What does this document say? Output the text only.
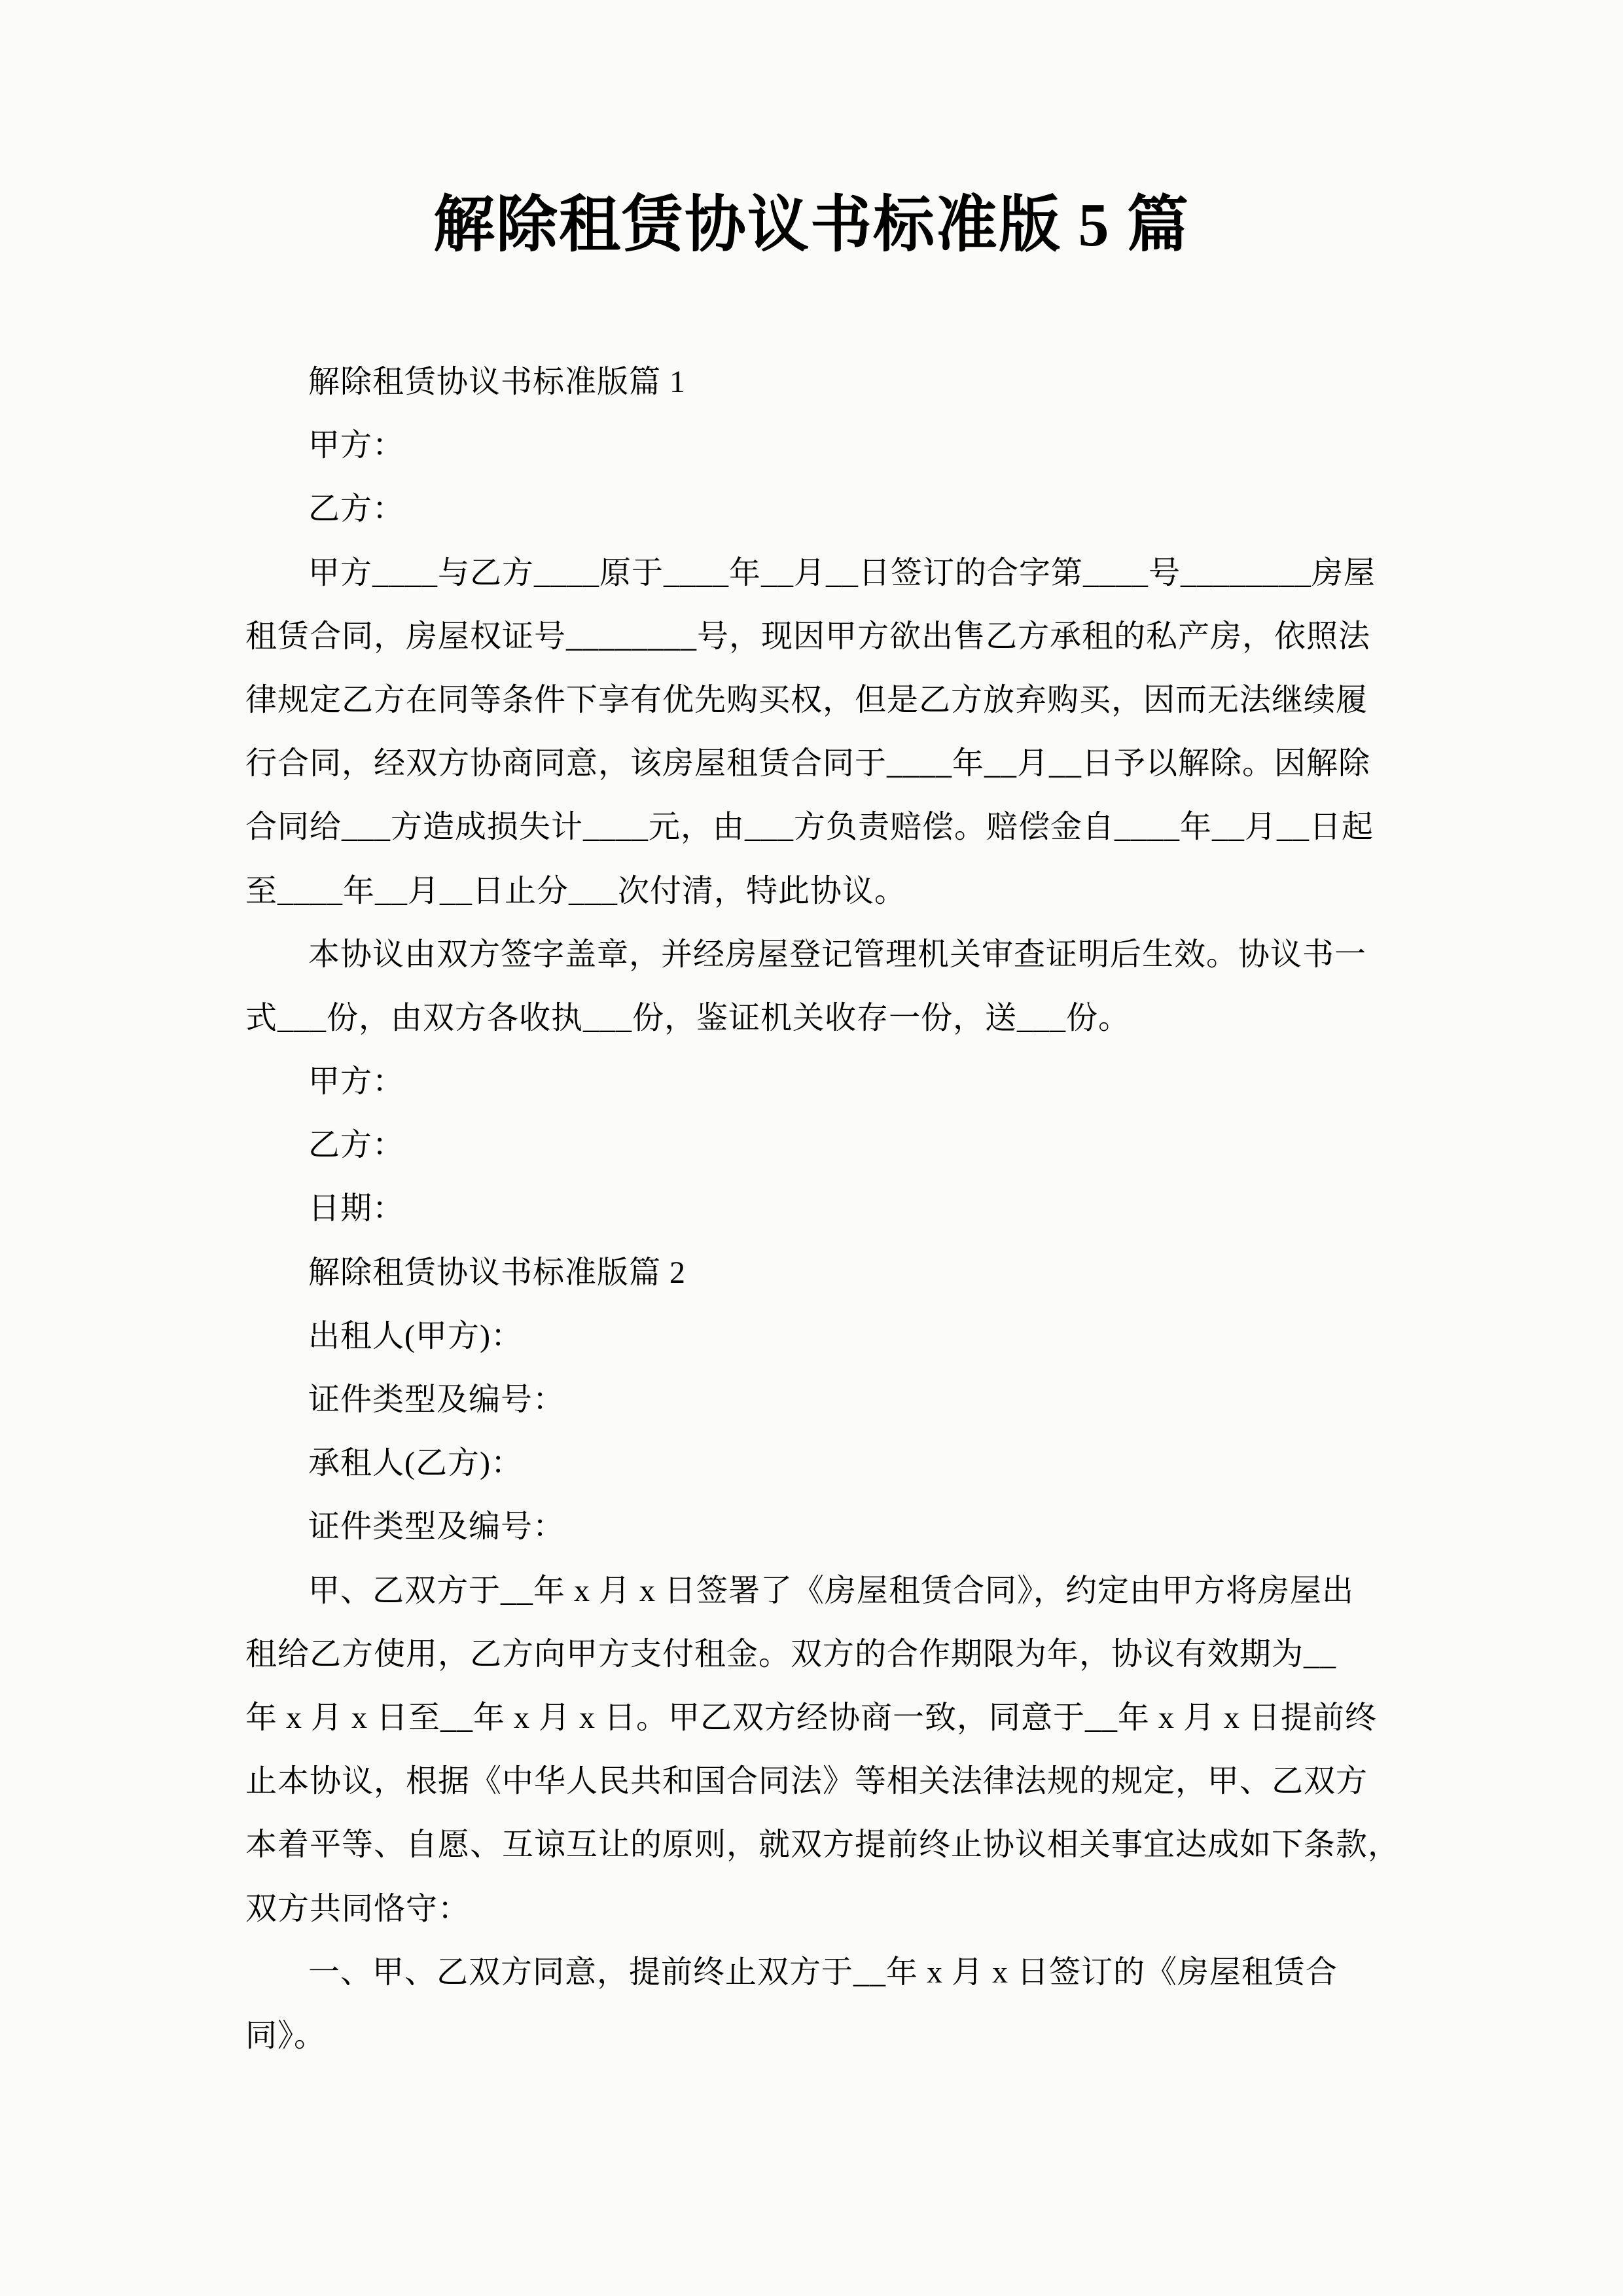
解除租赁协议书标准版 5 篇
解除租赁协议书标准版篇 1
甲方：
乙方：
甲方____与乙方____原于____年__月__日签订的合字第____号________房屋
租赁合同，房屋权证号________号，现因甲方欲出售乙方承租的私产房，依照法
律规定乙方在同等条件下享有优先购买权，但是乙方放弃购买，因而无法继续履
行合同，经双方协商同意，该房屋租赁合同于____年__月__日予以解除。因解除
合同给___方造成损失计____元，由___方负责赔偿。赔偿金自____年__月__日起
至____年__月__日止分___次付清，特此协议。
本协议由双方签字盖章，并经房屋登记管理机关审查证明后生效。协议书一
式___份，由双方各收执___份，鉴证机关收存一份，送___份。
甲方：
乙方：
日期：
解除租赁协议书标准版篇 2
出租人(甲方)：
证件类型及编号：
承租人(乙方)：
证件类型及编号：
甲、乙双方于__年 x 月 x 日签署了《房屋租赁合同》，约定由甲方将房屋出
租给乙方使用，乙方向甲方支付租金。双方的合作期限为年，协议有效期为__
年 x 月 x 日至__年 x 月 x 日。甲乙双方经协商一致，同意于__年 x 月 x 日提前终
止本协议，根据《中华人民共和国合同法》等相关法律法规的规定，甲、乙双方
本着平等、自愿、互谅互让的原则，就双方提前终止协议相关事宜达成如下条款，
双方共同恪守：
一、甲、乙双方同意，提前终止双方于__年 x 月 x 日签订的《房屋租赁合
同》。
